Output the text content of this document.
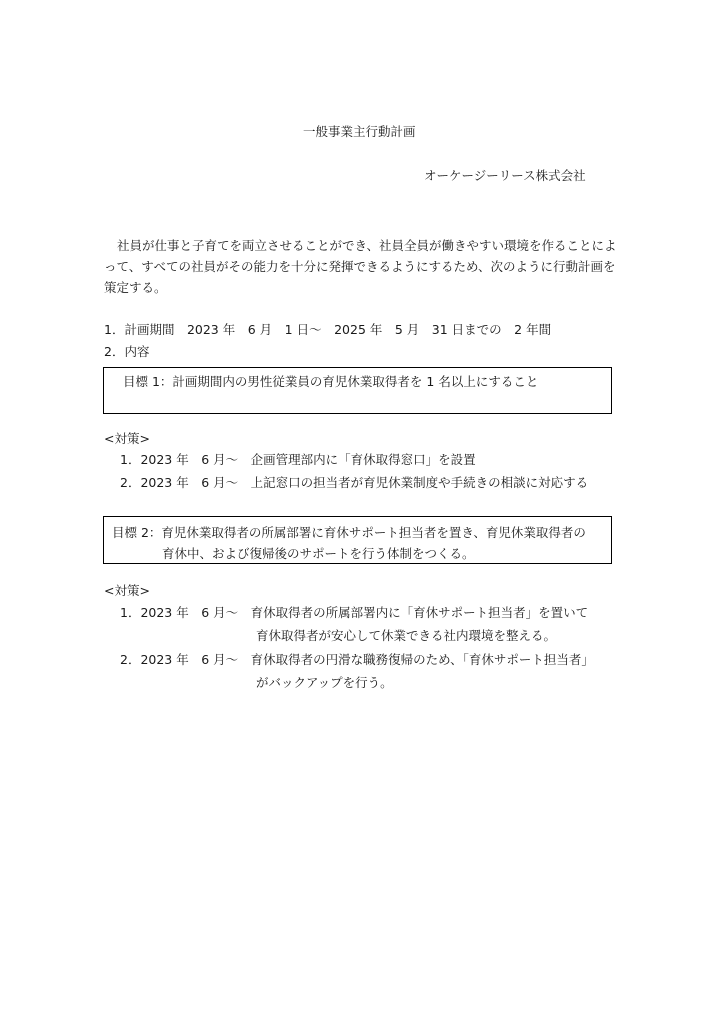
一般事業主行動計画
オーケージーリース株式会社
社員が仕事と子育てを両立させることができ、社員全員が働きやすい環境を作ることによって、すべての社員がその能力を十分に発揮できるようにするため、次のように行動計画を策定する。
1．計画期間　2023 年　6 月　1 日～　2025 年　5 月　31 日までの　2 年間
2．内容
目標 1：計画期間内の男性従業員の育児休業取得者を 1 名以上にすること
<対策>
1．2023 年　6 月～　企画管理部内に「育休取得窓口」を設置
2．2023 年　6 月～　上記窓口の担当者が育児休業制度や手続きの相談に対応する
目標 2：育児休業取得者の所属部署に育休サポート担当者を置き、育児休業取得者の
育休中、および復帰後のサポートを行う体制をつくる。
<対策>
1．2023 年　6 月～　育休取得者の所属部署内に「育休サポート担当者」を置いて
育休取得者が安心して休業できる社内環境を整える。
2．2023 年　6 月～　育休取得者の円滑な職務復帰のため、「育休サポート担当者」
がバックアップを行う。
